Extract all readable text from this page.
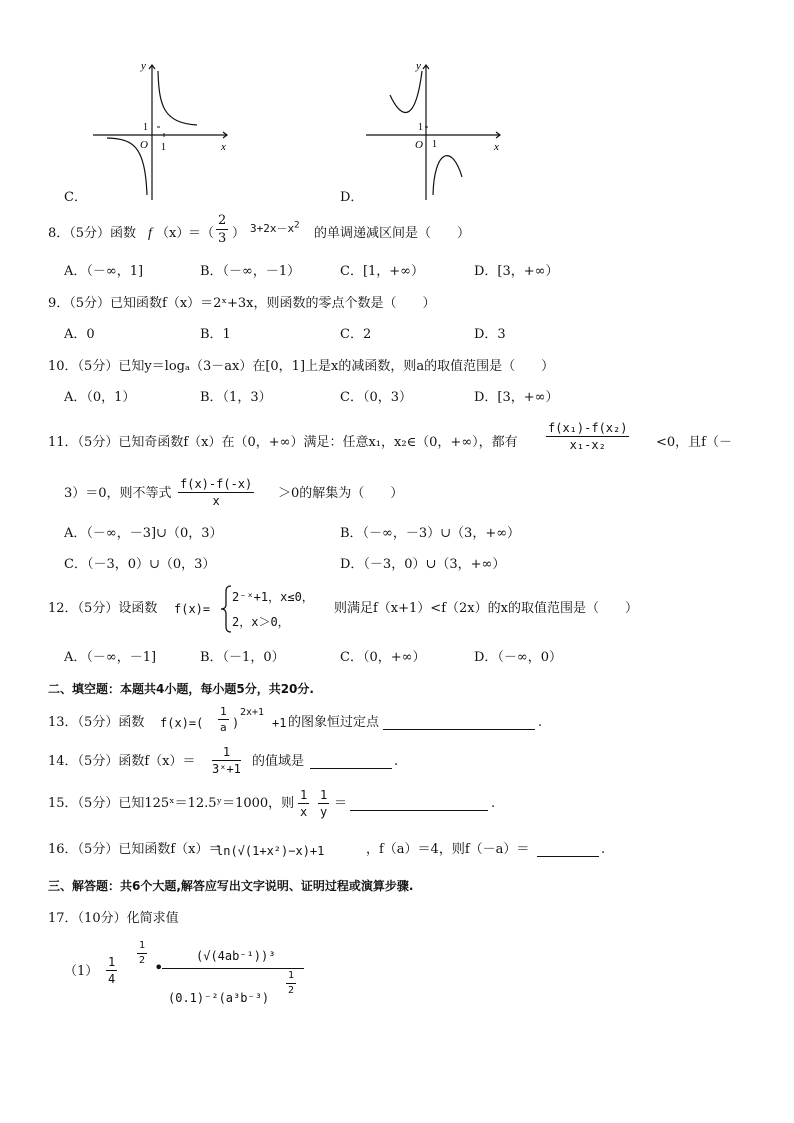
y
x
O
1
1
C．
y
x
O
1
1
D．
8．（5分）函数 f （x）
＝（
2
3 ） $3+2x-x^2$
的单调递减区间是（　　）
A．（－∞，1]	B．（－∞，－1）	C．[1，+∞）	D．[3，+∞）
9．（5分）已知函数f（x）＝2ˣ+3x，则函数的零点个数是（　　）
A．0	B．1	C．2	D．3
10．（5分）已知y＝logₐ（3－ax）在[0，1]上是x的减函数，则a的取值范围是（　　）
A．（0，1）	B．（1，3）	C．（0，3）	D．[3，+∞）
11．（5分）已知奇函数f（x）在（0，+∞）满足：任意x₁，x₂∈（0，+∞），都有
f(x₁)-f(x₂)
x₁-x₂	<0，且f（－
3）＝0，则不等式
f(x)-f(-x)
x	＞0的解集为（　　）
A．（－∞，－3]∪（0，3）	B．（－∞，－3）∪（3，+∞）
C．（－3，0）∪（0，3）	D．（－3，0）∪（3，+∞）
12．（5分）设函数 f(x)=
2⁻ˣ+1，x≤0，
2，x＞0，
则满足f（x+1）<f（2x）的x的取值范围是（　　）
A．（－∞，－1]	B．（－1，0）	C．（0，+∞）	D．（－∞，0）
二、填空题：本题共4小题，每小题5分，共20分.
13．（5分）函数 f(x)=(
1
a )
2x+1
+1 的图象恒过定点	.
14．（5分）函数f（x）＝
1
3ˣ+1 的值域是	.
15．（5分）已知125ˣ＝12.5ʸ＝1000，则
1
x
1
y
＝	.
16．（5分）已知函数f（x）＝
ln(√(1+x²)−x)+1	，f（a）＝4，则f（－a）＝	.
三、解答题：共6个大题,解答应写出文字说明、证明过程或演算步骤.
17．（10分）化简求值
（1）
1
4
1
2 •
(√(4ab⁻¹))³
(0.1)⁻²(a³b⁻³)
1
2
